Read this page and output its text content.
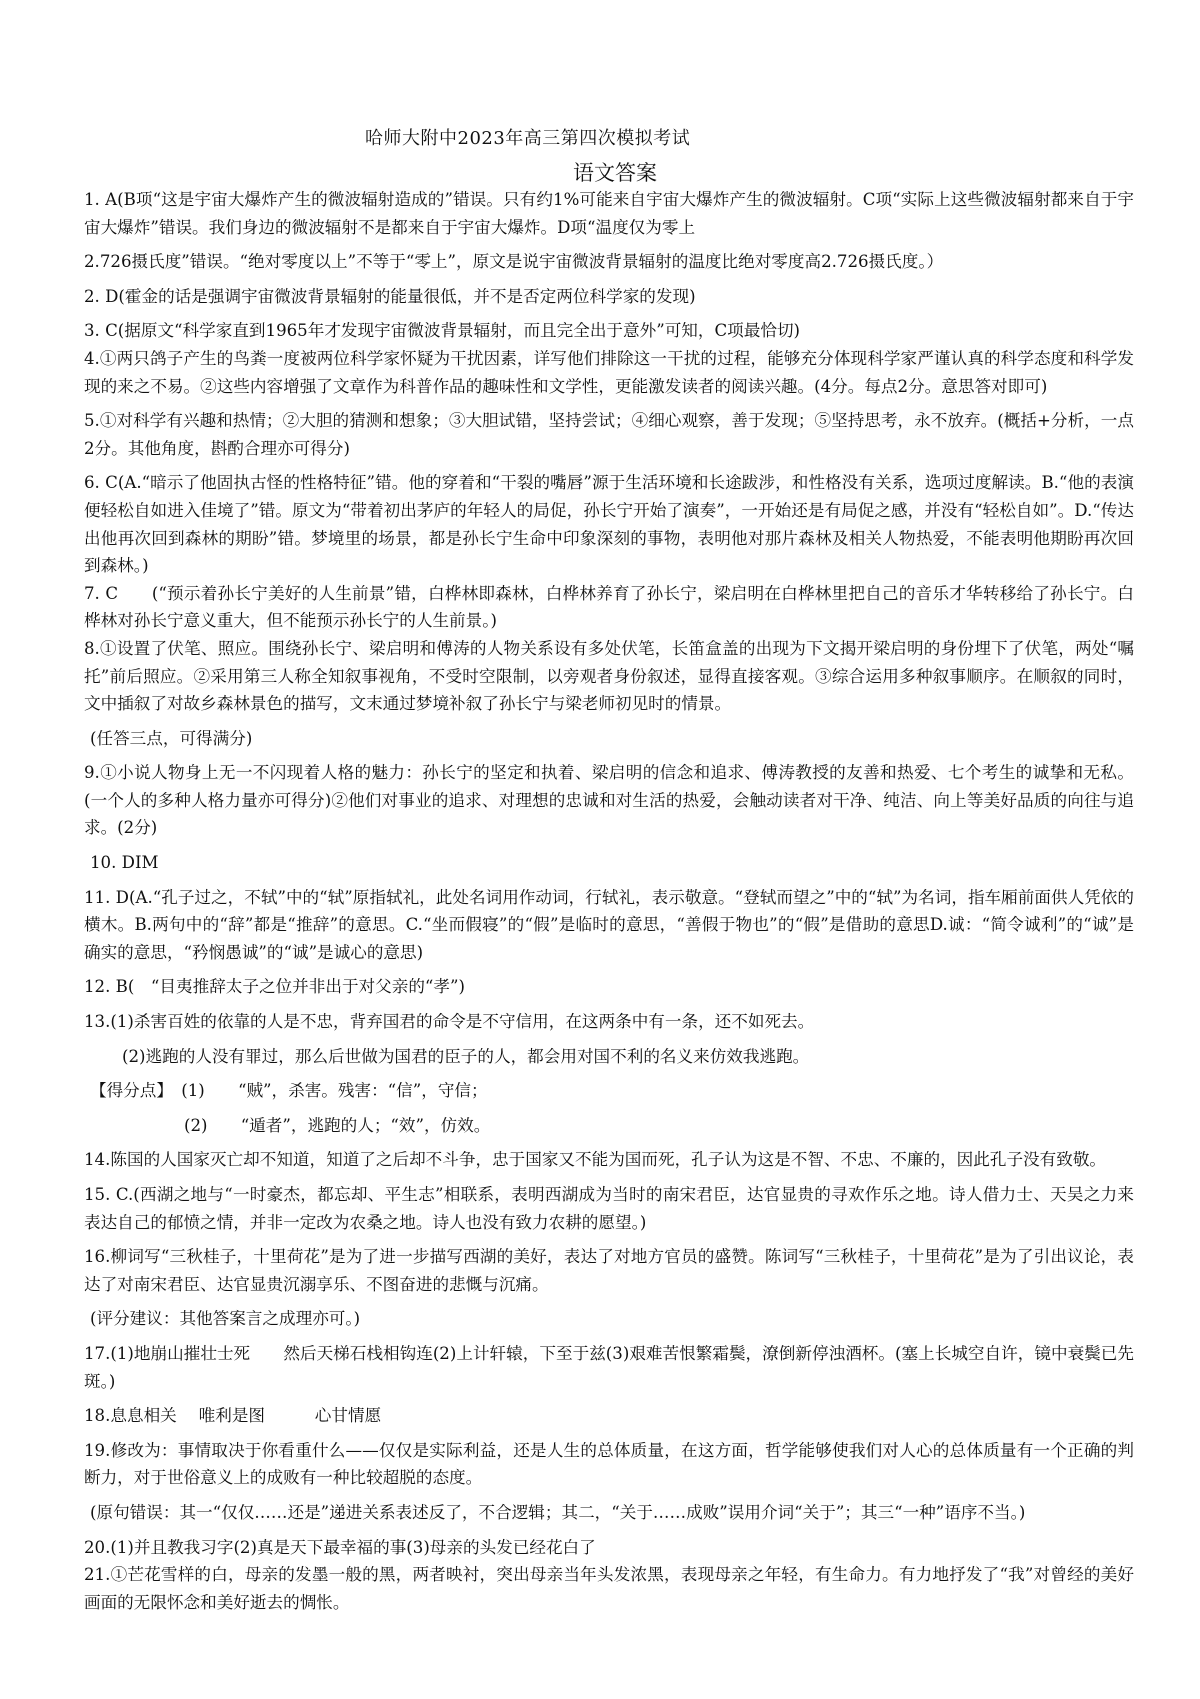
哈师大附中2023年高三第四次模拟考试
语文答案

1. A(B项“这是宇宙大爆炸产生的微波辐射造成的”错误。只有约1%可能来自宇宙大爆炸产生的微波辐射。C项“实际上这些微波辐射都来自于宇宙大爆炸”错误。我们身边的微波辐射不是都来自于宇宙大爆炸。D项“温度仅为零上

2.726摄氏度”错误。“绝对零度以上”不等于“零上”，原文是说宇宙微波背景辐射的温度比绝对零度高2.726摄氏度。）

2. D(霍金的话是强调宇宙微波背景辐射的能量很低，并不是否定两位科学家的发现)

3. C(据原文“科学家直到1965年才发现宇宙微波背景辐射，而且完全出于意外”可知，C项最恰切)

4.①两只鸽子产生的鸟粪一度被两位科学家怀疑为干扰因素，详写他们排除这一干扰的过程，能够充分体现科学家严谨认真的科学态度和科学发现的来之不易。②这些内容增强了文章作为科普作品的趣味性和文学性，更能激发读者的阅读兴趣。(4分。每点2分。意思答对即可)

5.①对科学有兴趣和热情；②大胆的猜测和想象；③大胆试错，坚持尝试；④细心观察，善于发现；⑤坚持思考，永不放弃。(概括+分析，一点2分。其他角度，斟酌合理亦可得分)

6. C(A.“暗示了他固执古怪的性格特征”错。他的穿着和“干裂的嘴唇”源于生活环境和长途跋涉，和性格没有关系，选项过度解读。B.“他的表演便轻松自如进入佳境了”错。原文为“带着初出茅庐的年轻人的局促，孙长宁开始了演奏”，一开始还是有局促之感，并没有“轻松自如”。D.“传达出他再次回到森林的期盼”错。梦境里的场景，都是孙长宁生命中印象深刻的事物，表明他对那片森林及相关人物热爱，不能表明他期盼再次回到森林。)

7. C　　(“预示着孙长宁美好的人生前景”错，白桦林即森林，白桦林养育了孙长宁，梁启明在白桦林里把自己的音乐才华转移给了孙长宁。白桦林对孙长宁意义重大，但不能预示孙长宁的人生前景。)

8.①设置了伏笔、照应。围绕孙长宁、梁启明和傅涛的人物关系设有多处伏笔，长笛盒盖的出现为下文揭开梁启明的身份埋下了伏笔，两处“嘱托”前后照应。②采用第三人称全知叙事视角，不受时空限制，以旁观者身份叙述，显得直接客观。③综合运用多种叙事顺序。在顺叙的同时，文中插叙了对故乡森林景色的描写，文末通过梦境补叙了孙长宁与梁老师初见时的情景。

(任答三点，可得满分)

9.①小说人物身上无一不闪现着人格的魅力：孙长宁的坚定和执着、梁启明的信念和追求、傅涛教授的友善和热爱、七个考生的诚挚和无私。(一个人的多种人格力量亦可得分)②他们对事业的追求、对理想的忠诚和对生活的热爱，会触动读者对干净、纯洁、向上等美好品质的向往与追求。(2分)

10. DIM

11. D(A.“孔子过之，不轼”中的“轼”原指轼礼，此处名词用作动词，行轼礼，表示敬意。“登轼而望之”中的“轼”为名词，指车厢前面供人凭依的横木。B.两句中的“辞”都是“推辞”的意思。C.“坐而假寝”的“假”是临时的意思，“善假于物也”的“假”是借助的意思D.诚：“简令诚利”的“诚”是确实的意思，“矜悯愚诚”的“诚”是诚心的意思)

12. B(　“目夷推辞太子之位并非出于对父亲的“孝”)

13.(1)杀害百姓的依靠的人是不忠，背弃国君的命令是不守信用，在这两条中有一条，还不如死去。

(2)逃跑的人没有罪过，那么后世做为国君的臣子的人，都会用对国不利的名义来仿效我逃跑。

【得分点】　(1)　　“贼”，杀害。残害：“信”，守信；

(2)　　“遁者”，逃跑的人；“效”，仿效。

14.陈国的人国家灭亡却不知道，知道了之后却不斗争，忠于国家又不能为国而死，孔子认为这是不智、不忠、不廉的，因此孔子没有致敬。

15. C.(西湖之地与“一时豪杰，都忘却、平生志”相联系，表明西湖成为当时的南宋君臣，达官显贵的寻欢作乐之地。诗人借力士、天吴之力来表达自己的郁愤之情，并非一定改为农桑之地。诗人也没有致力农耕的愿望。)

16.柳词写“三秋桂子，十里荷花”是为了进一步描写西湖的美好，表达了对地方官员的盛赞。陈词写“三秋桂子，十里荷花”是为了引出议论，表达了对南宋君臣、达官显贵沉溺享乐、不图奋进的悲慨与沉痛。

(评分建议：其他答案言之成理亦可。)

17.(1)地崩山摧壮士死　　然后天梯石栈相钩连(2)上计轩辕，下至于兹(3)艰难苦恨繁霜鬓，潦倒新停浊酒杯。(塞上长城空自许，镜中衰鬓已先斑。)

18.息息相关　 唯利是图　　　心甘情愿

19.修改为：事情取决于你看重什么——仅仅是实际利益，还是人生的总体质量，在这方面，哲学能够使我们对人心的总体质量有一个正确的判断力，对于世俗意义上的成败有一种比较超脱的态度。

(原句错误：其一“仅仅……还是”递进关系表述反了，不合逻辑；其二，“关于……成败”误用介词“关于”；其三“一种”语序不当。)

20.(1)并且教我习字(2)真是天下最幸福的事(3)母亲的头发已经花白了

21.①芒花雪样的白，母亲的发墨一般的黑，两者映衬，突出母亲当年头发浓黑，表现母亲之年轻，有生命力。有力地抒发了“我”对曾经的美好画面的无限怀念和美好逝去的惆怅。
